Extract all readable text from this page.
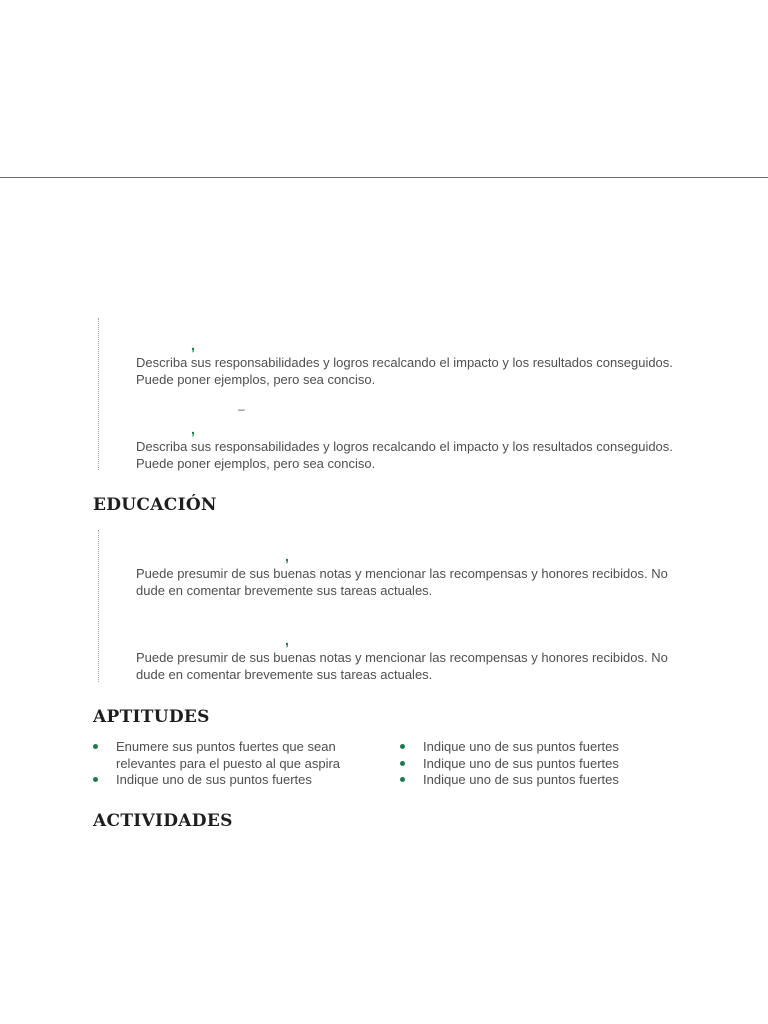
,

Describa sus responsabilidades y logros recalcando el impacto y los resultados conseguidos. Puede poner ejemplos, pero sea conciso.

–
,

Describa sus responsabilidades y logros recalcando el impacto y los resultados conseguidos. Puede poner ejemplos, pero sea conciso.

EDUCACIÓN
,

Puede presumir de sus buenas notas y mencionar las recompensas y honores recibidos. No dude en comentar brevemente sus tareas actuales.

,

Puede presumir de sus buenas notas y mencionar las recompensas y honores recibidos. No dude en comentar brevemente sus tareas actuales.

APTITUDES
Enumere sus puntos fuertes que sean relevantes para el puesto al que aspira
Indique uno de sus puntos fuertes
Indique uno de sus puntos fuertes
Indique uno de sus puntos fuertes
Indique uno de sus puntos fuertes
ACTIVIDADES
